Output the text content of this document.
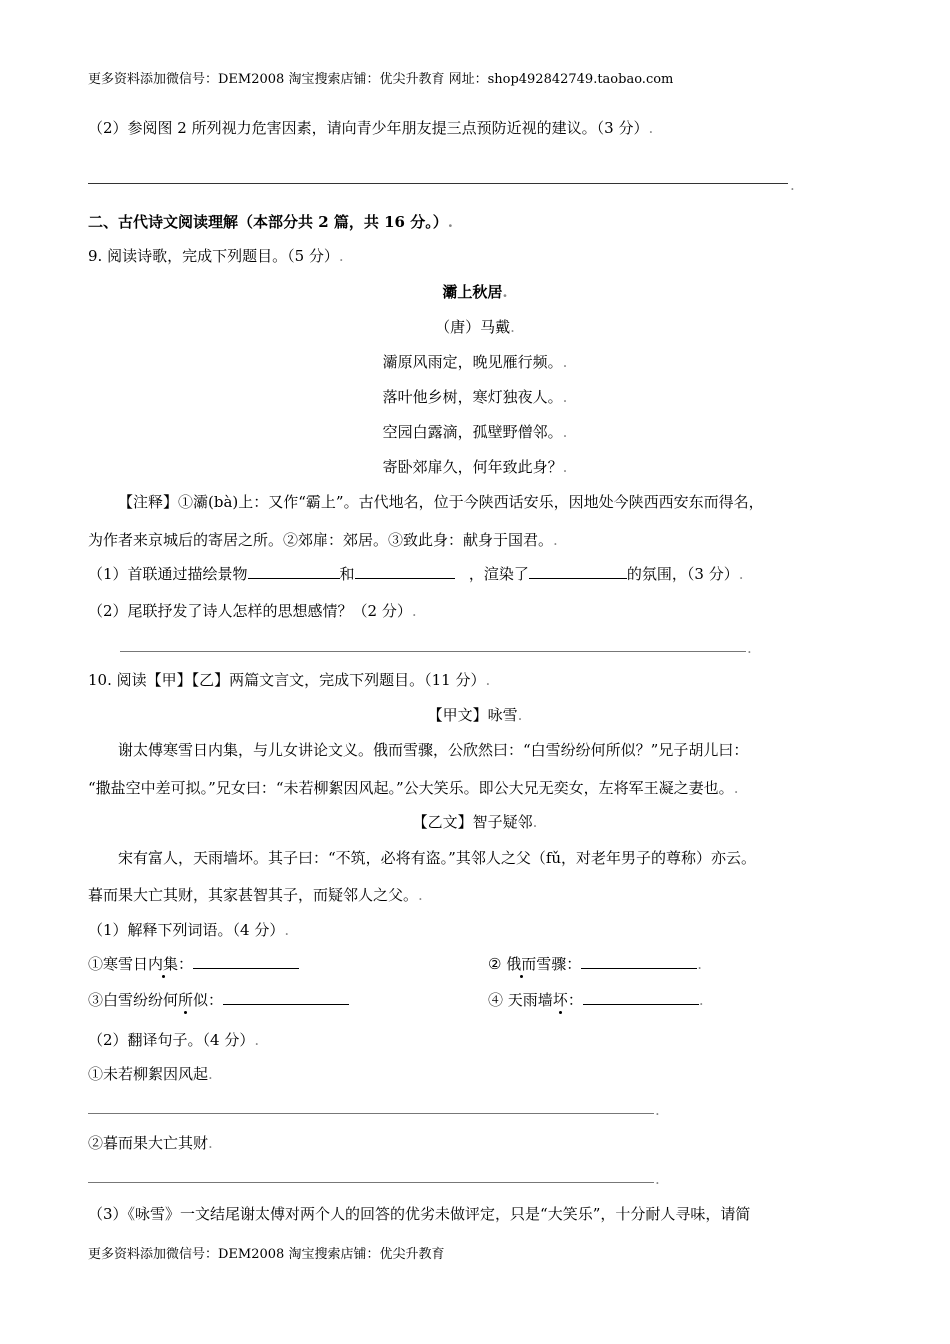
更多资料添加微信号：DEM2008 淘宝搜索店铺：优尖升教育 网址：shop492842749.taobao.com
（2）参阅图 2 所列视力危害因素，请向青少年朋友提三点预防近视的建议。（3 分）.
.
二、古代诗文阅读理解（本部分共 2 篇，共 16 分。）.
9. 阅读诗歌，完成下列题目。（5 分）.
灞上秋居.
（唐）马戴.
灞原风雨定，晚见雁行频。.
落叶他乡树，寒灯独夜人。.
空园白露滴，孤壁野僧邻。.
寄卧郊扉久，何年致此身？.
【注释】①灞(bà)上：又作“霸上”。古代地名，位于今陕西话安乐，因地处今陕西西安东而得名，
为作者来京城后的寄居之所。②郊扉：郊居。③致此身：献身于国君。.
（1）首联通过描绘景物	和	，渲染了	的氛围，（3 分）.
（2）尾联抒发了诗人怎样的思想感情？（2 分）.
.
10. 阅读【甲】【乙】两篇文言文，完成下列题目。（11 分）.
【甲文】咏雪.
谢太傅寒雪日内集，与儿女讲论文义。俄而雪骤，公欣然曰：“白雪纷纷何所似？”兄子胡儿曰：
“撒盐空中差可拟。”兄女曰：“未若柳絮因风起。”公大笑乐。即公大兄无奕女，左将军王凝之妻也。.
【乙文】智子疑邻.
宋有富人，天雨墙坏。其子曰：“不筑，必将有盗。”其邻人之父（fǔ，对老年男子的尊称）亦云。
暮而果大亡其财，其家甚智其子，而疑邻人之父。.
（1）解释下列词语。（4 分）.
①寒雪日内集：	② 俄而雪骤：	.
③白雪纷纷何所似：	④ 天雨墙坏：	.
（2）翻译句子。（4 分）.
①未若柳絮因风起.
.
②暮而果大亡其财.
.
（3）《咏雪》一文结尾谢太傅对两个人的回答的优劣未做评定，只是“大笑乐”，十分耐人寻味，请简
更多资料添加微信号：DEM2008 淘宝搜索店铺：优尖升教育
